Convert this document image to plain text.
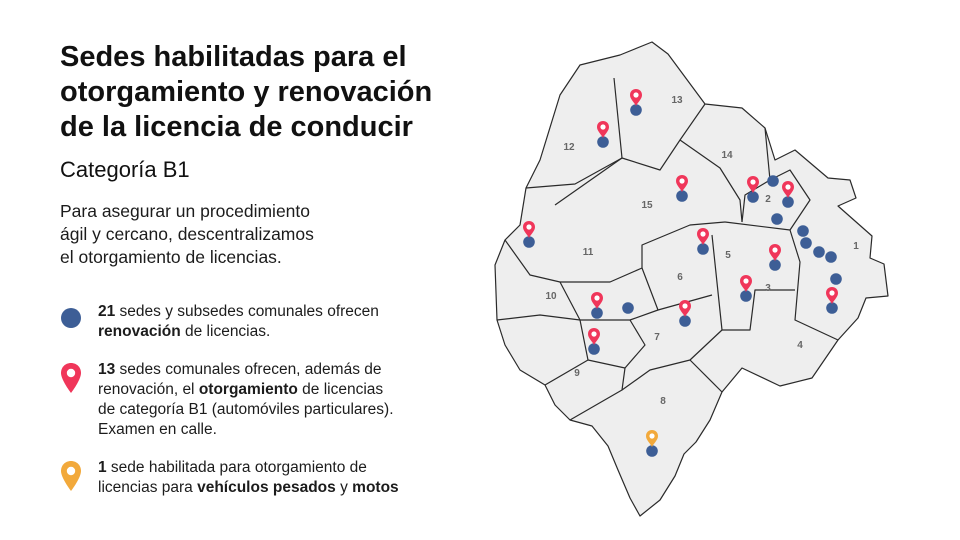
Sedes habilitadas para el
otorgamiento y renovación
de la licencia de conducir
Categoría B1

Para asegurar un procedimiento
ágil y cercano, descentralizamos
el otorgamiento de licencias.

21 sedes y subsedes comunales ofrecen
renovación de licencias.
13 sedes comunales ofrecen, además de
renovación, el otorgamiento de licencias
de categoría B1 (automóviles particulares).
Examen en calle.
1 sede habilitada para otorgamiento de
licencias para vehículos pesados y motos
1
2
3
4
5
6
7
8
9
10
11
12
13
14
15
